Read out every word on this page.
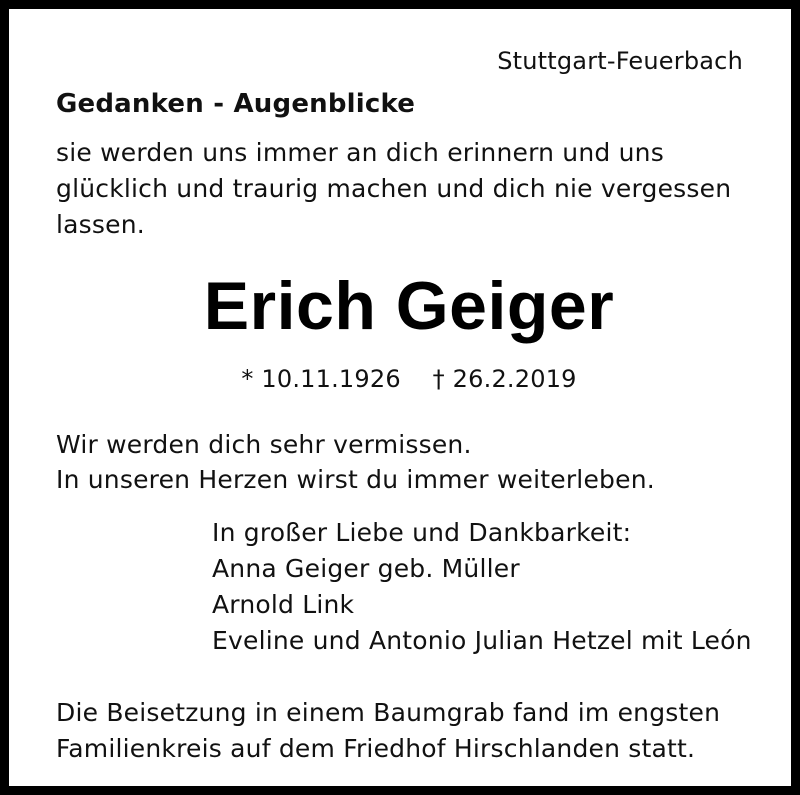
Stuttgart-Feuerbach
Gedanken - Augenblicke
sie werden uns immer an dich erinnern und uns
glücklich und traurig machen und dich nie vergessen
lassen.
Erich Geiger
* 10.11.1926 † 26.2.2019
Wir werden dich sehr vermissen.
In unseren Herzen wirst du immer weiterleben.
In großer Liebe und Dankbarkeit:
Anna Geiger geb. Müller
Arnold Link
Eveline und Antonio Julian Hetzel mit León
Die Beisetzung in einem Baumgrab fand im engsten
Familienkreis auf dem Friedhof Hirschlanden statt.
